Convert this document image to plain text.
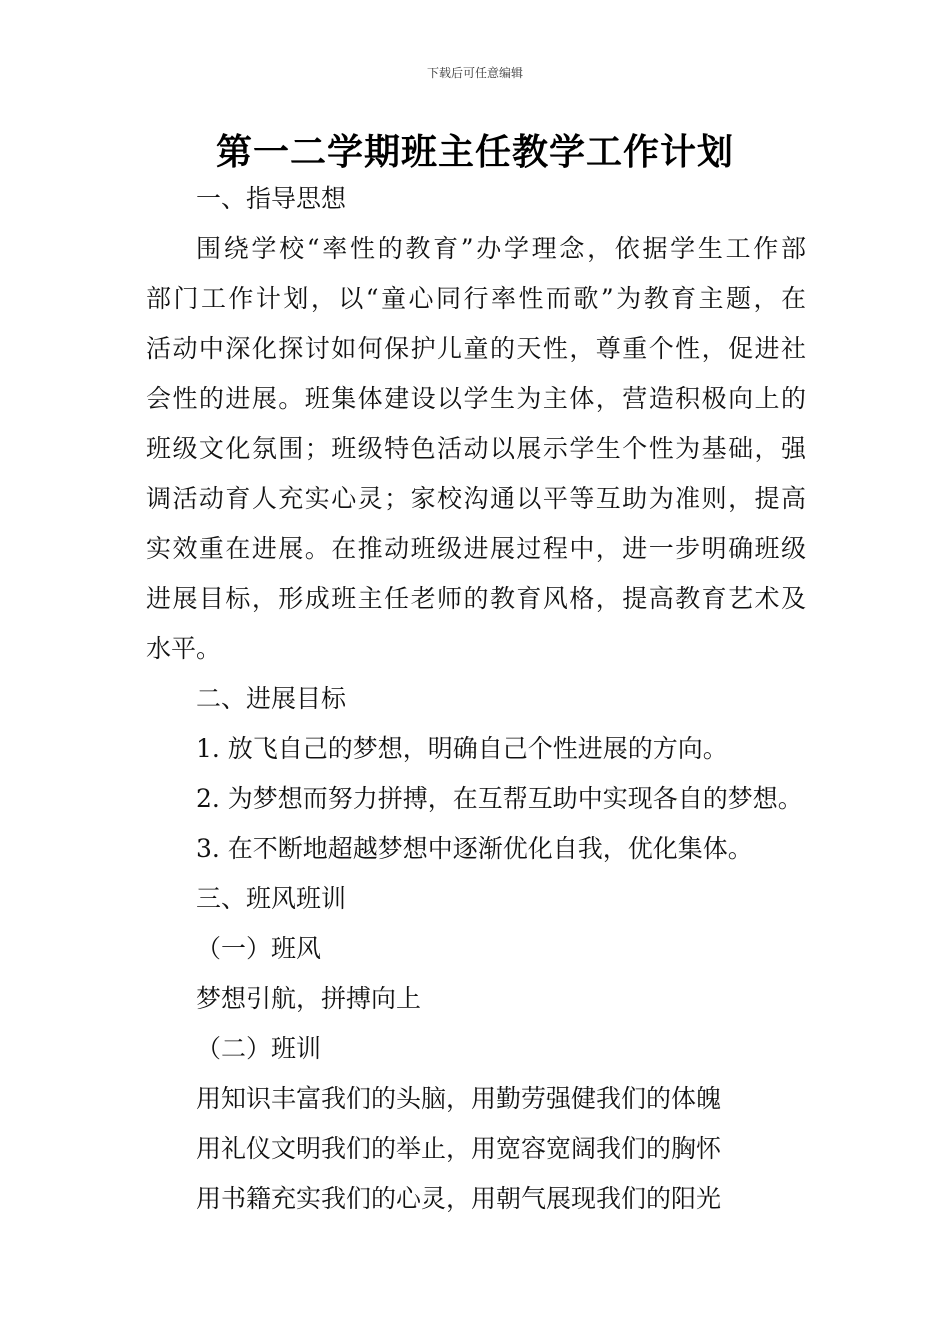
下载后可任意编辑
第一二学期班主任教学工作计划
一、指导思想
围绕学校“率性的教育”办学理念，依据学生工作部
部门工作计划，以“童心同行率性而歌”为教育主题，在
活动中深化探讨如何保护儿童的天性，尊重个性，促进社
会性的进展。班集体建设以学生为主体，营造积极向上的
班级文化氛围；班级特色活动以展示学生个性为基础，强
调活动育人充实心灵；家校沟通以平等互助为准则，提高
实效重在进展。在推动班级进展过程中，进一步明确班级
进展目标，形成班主任老师的教育风格，提高教育艺术及
水平。
二、进展目标
1. 放飞自己的梦想，明确自己个性进展的方向。
2. 为梦想而努力拼搏，在互帮互助中实现各自的梦想。
3. 在不断地超越梦想中逐渐优化自我，优化集体。
三、班风班训
（一）班风
梦想引航，拼搏向上
（二）班训
用知识丰富我们的头脑，用勤劳强健我们的体魄
用礼仪文明我们的举止，用宽容宽阔我们的胸怀
用书籍充实我们的心灵，用朝气展现我们的阳光
